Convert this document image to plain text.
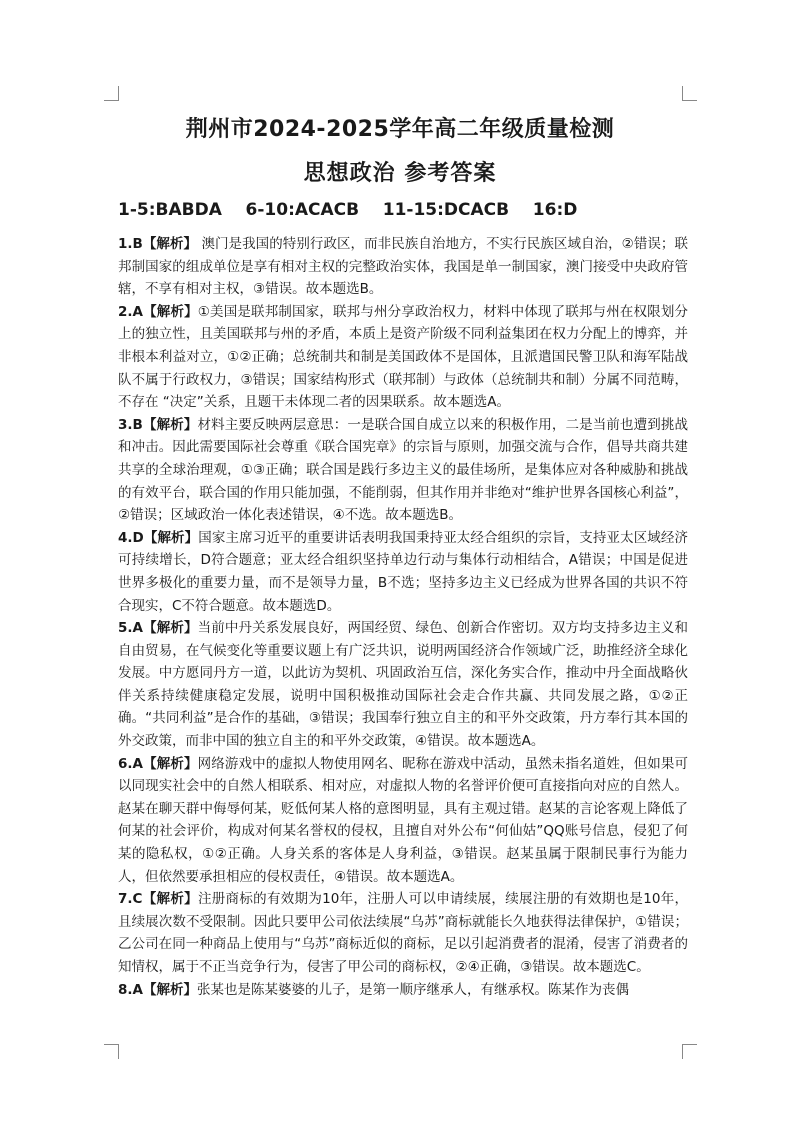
荆州市2024-2025学年高二年级质量检测
思想政治 参考答案
1-5:BABDA    6-10:ACACB    11-15:DCACB    16:D

1.B【解析】 澳门是我国的特别行政区，而非民族自治地方，不实行民族区域自治，②错误；联邦制国家的组成单位是享有相对主权的完整政治实体，我国是单一制国家，澳门接受中央政府管辖，不享有相对主权，③错误。故本题选B。

2.A【解析】①美国是联邦制国家，联邦与州分享政治权力，材料中体现了联邦与州在权限划分上的独立性，且美国联邦与州的矛盾，本质上是资产阶级不同利益集团在权力分配上的博弈，并非根本利益对立，①②正确；总统制共和制是美国政体不是国体，且派遣国民警卫队和海军陆战队不属于行政权力，③错误；国家结构形式（联邦制）与政体（总统制共和制）分属不同范畴，不存在 “决定”关系，且题干未体现二者的因果联系。故本题选A。

3.B【解析】材料主要反映两层意思：一是联合国自成立以来的积极作用，二是当前也遭到挑战和冲击。因此需要国际社会尊重《联合国宪章》的宗旨与原则，加强交流与合作，倡导共商共建共享的全球治理观，①③正确；联合国是践行多边主义的最佳场所，是集体应对各种威胁和挑战的有效平台，联合国的作用只能加强，不能削弱，但其作用并非绝对“维护世界各国核心利益”，②错误；区域政治一体化表述错误，④不选。故本题选B。

4.D【解析】国家主席习近平的重要讲话表明我国秉持亚太经合组织的宗旨，支持亚太区域经济可持续增长，D符合题意；亚太经合组织坚持单边行动与集体行动相结合，A错误；中国是促进世界多极化的重要力量，而不是领导力量，B不选；坚持多边主义已经成为世界各国的共识不符合现实，C不符合题意。故本题选D。

5.A【解析】当前中丹关系发展良好，两国经贸、绿色、创新合作密切。双方均支持多边主义和自由贸易，在气候变化等重要议题上有广泛共识，说明两国经济合作领域广泛，助推经济全球化发展。中方愿同丹方一道，以此访为契机、巩固政治互信，深化务实合作，推动中丹全面战略伙伴关系持续健康稳定发展，说明中国积极推动国际社会走合作共赢、共同发展之路，①②正确。“共同利益”是合作的基础，③错误；我国奉行独立自主的和平外交政策，丹方奉行其本国的外交政策，而非中国的独立自主的和平外交政策，④错误。故本题选A。

6.A【解析】网络游戏中的虚拟人物使用网名、昵称在游戏中活动，虽然未指名道姓，但如果可以同现实社会中的自然人相联系、相对应，对虚拟人物的名誉评价便可直接指向对应的自然人。赵某在聊天群中侮辱何某，贬低何某人格的意图明显，具有主观过错。赵某的言论客观上降低了何某的社会评价，构成对何某名誉权的侵权，且擅自对外公布“何仙姑”QQ账号信息，侵犯了何某的隐私权，①②正确。人身关系的客体是人身利益，③错误。赵某虽属于限制民事行为能力人，但依然要承担相应的侵权责任，④错误。故本题选A。

7.C【解析】注册商标的有效期为10年，注册人可以申请续展，续展注册的有效期也是10年，且续展次数不受限制。因此只要甲公司依法续展“乌苏”商标就能长久地获得法律保护，①错误；乙公司在同一种商品上使用与“乌苏”商标近似的商标，足以引起消费者的混淆，侵害了消费者的知情权，属于不正当竞争行为，侵害了甲公司的商标权，②④正确，③错误。故本题选C。

8.A【解析】张某也是陈某婆婆的儿子，是第一顺序继承人，有继承权。陈某作为丧偶
